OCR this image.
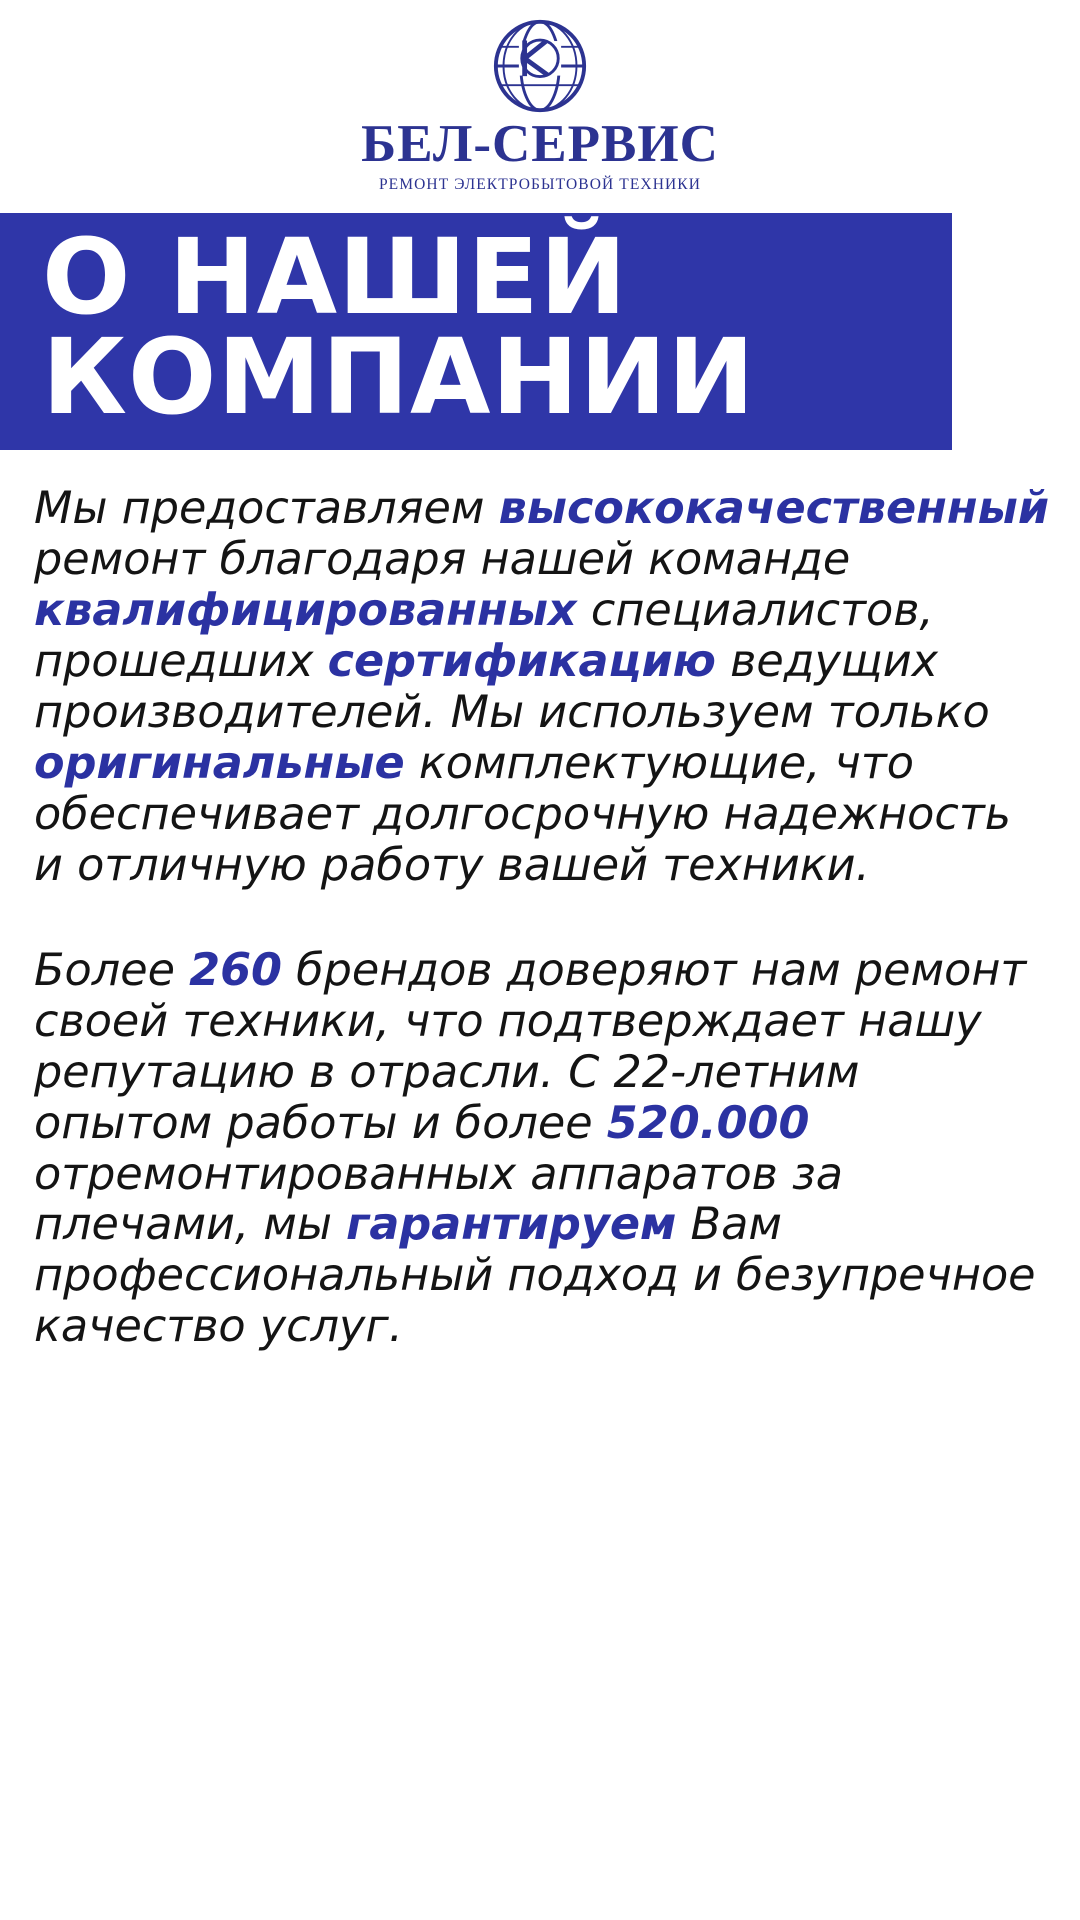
БЕЛ-СЕРВИС
РЕМОНТ ЭЛЕКТРОБЫТОВОЙ ТЕХНИКИ
О НАШЕЙ
КОМПАНИИ

Мы предоставляем высококачественный ремонт благодаря нашей команде квалифицированных специалистов, прошедших сертификацию ведущих производителей. Мы используем только оригинальные комплектующие, что обеспечивает долгосрочную надежность и отличную работу вашей техники.

Более 260 брендов доверяют нам ремонт своей техники, что подтверждает нашу репутацию в отрасли. С 22-летним опытом работы и более 520.000 отремонтированных аппаратов за плечами, мы гарантируем Вам профессиональный подход и безупречное качество услуг.
